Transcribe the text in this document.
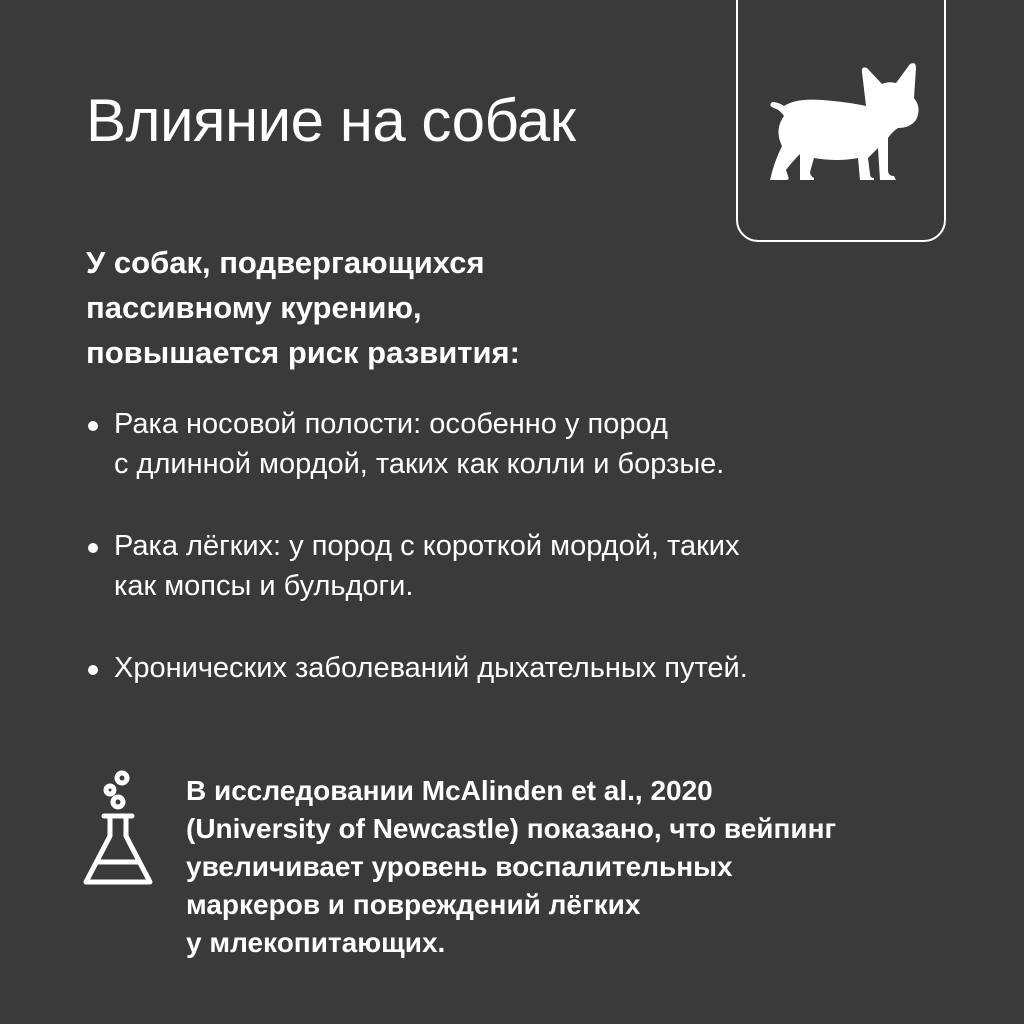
Влияние на собак
У собак, подвергающихся
пассивному курению,
повышается риск развития:
Рака носовой полости: особенно у пород
с длинной мордой, таких как колли и борзые.
Рака лёгких: у пород с короткой мордой, таких
как мопсы и бульдоги.
Хронических заболеваний дыхательных путей.
В исследовании McAlinden et al., 2020
(University of Newcastle) показано, что вейпинг
увеличивает уровень воспалительных
маркеров и повреждений лёгких
у млекопитающих.
